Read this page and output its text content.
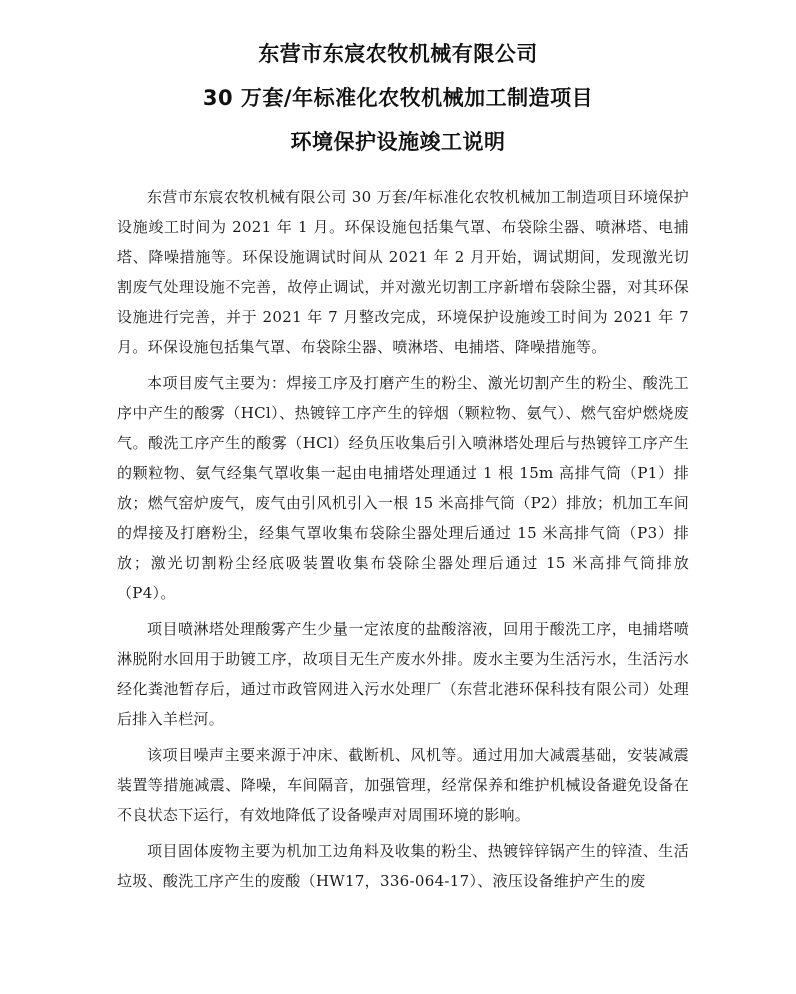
东营市东宸农牧机械有限公司
30 万套/年标准化农牧机械加工制造项目
环境保护设施竣工说明

东营市东宸农牧机械有限公司 30 万套/年标准化农牧机械加工制造项目环境保护设施竣工时间为 2021 年 1 月。环保设施包括集气罩、布袋除尘器、喷淋塔、电捕塔、降噪措施等。环保设施调试时间从 2021 年 2 月开始，调试期间，发现激光切割废气处理设施不完善，故停止调试，并对激光切割工序新增布袋除尘器，对其环保设施进行完善，并于 2021 年 7 月整改完成，环境保护设施竣工时间为 2021 年 7 月。环保设施包括集气罩、布袋除尘器、喷淋塔、电捕塔、降噪措施等。

本项目废气主要为：焊接工序及打磨产生的粉尘、激光切割产生的粉尘、酸洗工序中产生的酸雾（HCl）、热镀锌工序产生的锌烟（颗粒物、氨气）、燃气窑炉燃烧废气。酸洗工序产生的酸雾（HCl）经负压收集后引入喷淋塔处理后与热镀锌工序产生的颗粒物、氨气经集气罩收集一起由电捕塔处理通过 1 根 15m 高排气筒（P1）排放；燃气窑炉废气，废气由引风机引入一根 15 米高排气筒（P2）排放；机加工车间的焊接及打磨粉尘，经集气罩收集布袋除尘器处理后通过 15 米高排气筒（P3）排放；激光切割粉尘经底吸装置收集布袋除尘器处理后通过 15 米高排气筒排放（P4）。

项目喷淋塔处理酸雾产生少量一定浓度的盐酸溶液，回用于酸洗工序，电捕塔喷淋脱附水回用于助镀工序，故项目无生产废水外排。废水主要为生活污水，生活污水经化粪池暂存后，通过市政管网进入污水处理厂（东营北港环保科技有限公司）处理后排入羊栏河。

该项目噪声主要来源于冲床、截断机、风机等。通过用加大减震基础，安装减震装置等措施减震、降噪，车间隔音，加强管理，经常保养和维护机械设备避免设备在不良状态下运行，有效地降低了设备噪声对周围环境的影响。

项目固体废物主要为机加工边角料及收集的粉尘、热镀锌锌锅产生的锌渣、生活垃圾、酸洗工序产生的废酸（HW17，336-064-17）、液压设备维护产生的废
